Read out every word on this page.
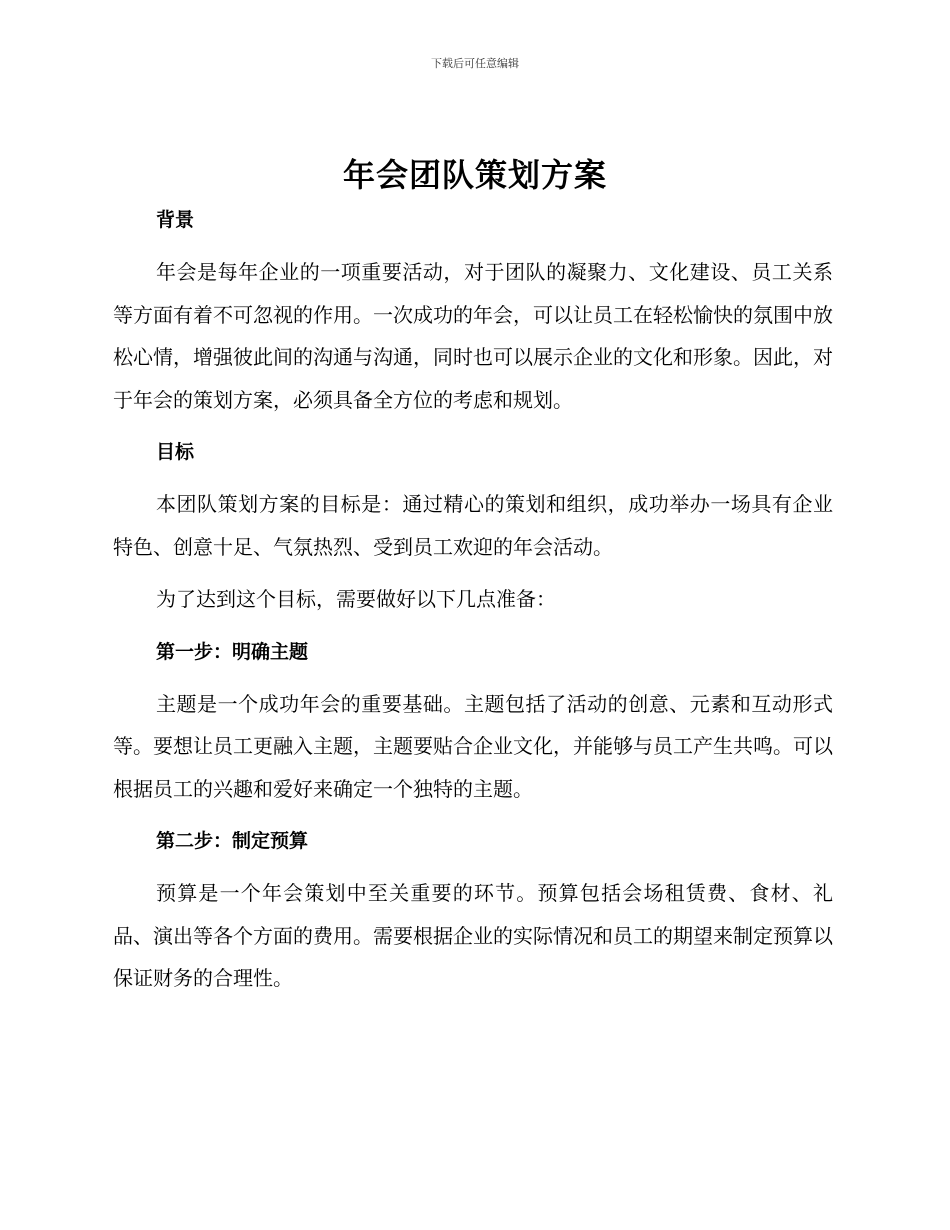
下载后可任意编辑
年会团队策划方案

背景

年会是每年企业的一项重要活动，对于团队的凝聚力、文化建设、员工关系等方面有着不可忽视的作用。一次成功的年会，可以让员工在轻松愉快的氛围中放松心情，增强彼此间的沟通与沟通，同时也可以展示企业的文化和形象。因此，对于年会的策划方案，必须具备全方位的考虑和规划。

目标

本团队策划方案的目标是：通过精心的策划和组织，成功举办一场具有企业特色、创意十足、气氛热烈、受到员工欢迎的年会活动。

为了达到这个目标，需要做好以下几点准备：

第一步：明确主题

主题是一个成功年会的重要基础。主题包括了活动的创意、元素和互动形式等。要想让员工更融入主题，主题要贴合企业文化，并能够与员工产生共鸣。可以根据员工的兴趣和爱好来确定一个独特的主题。

第二步：制定预算

预算是一个年会策划中至关重要的环节。预算包括会场租赁费、食材、礼品、演出等各个方面的费用。需要根据企业的实际情况和员工的期望来制定预算以保证财务的合理性。
